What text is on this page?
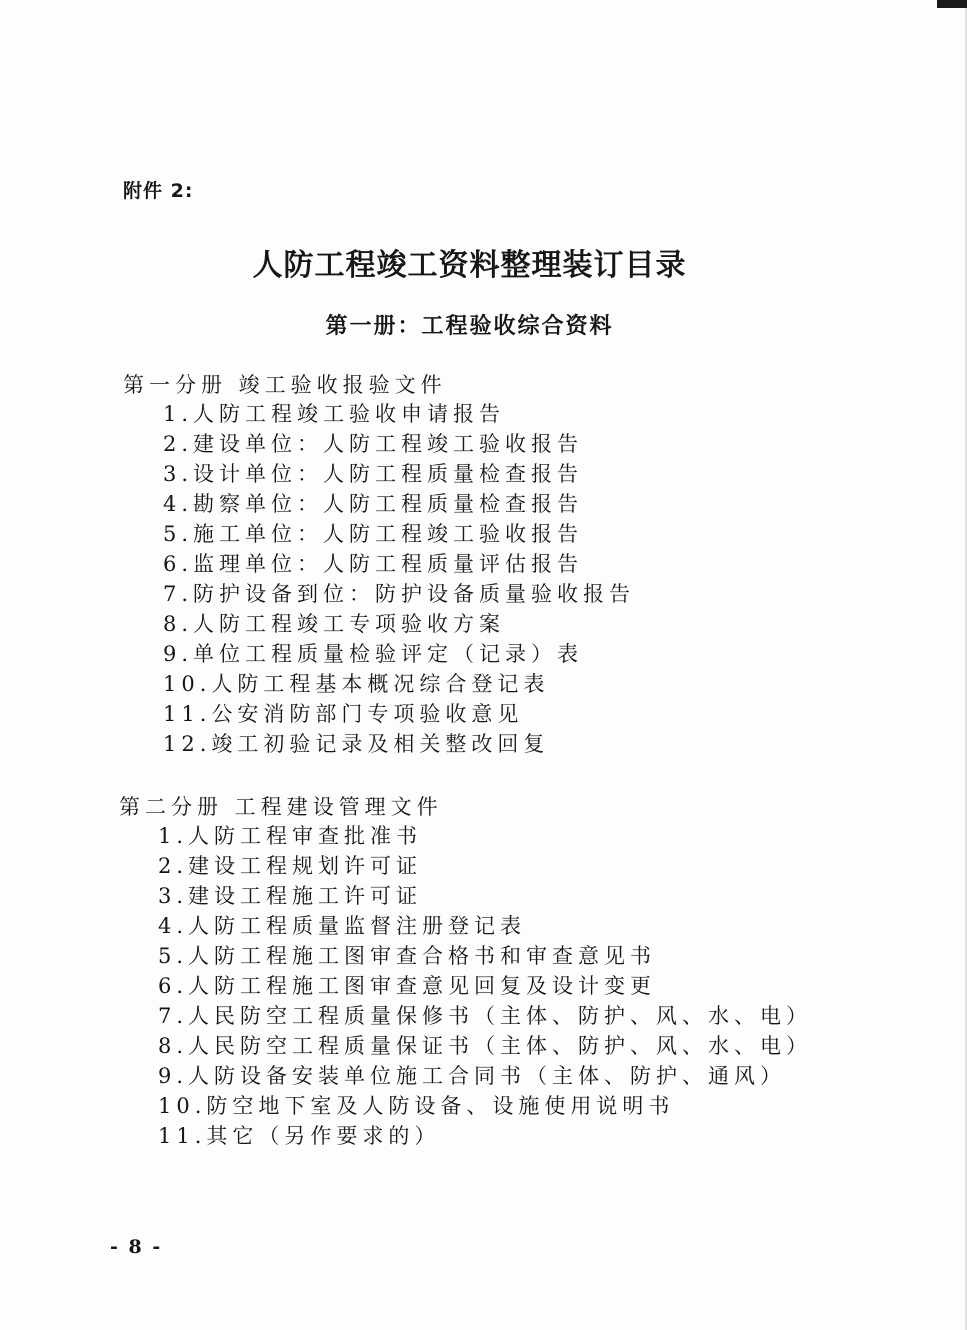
附件 2:
人防工程竣工资料整理装订目录
第一册：工程验收综合资料
第一分册 竣工验收报验文件
1.人防工程竣工验收申请报告
2.建设单位：人防工程竣工验收报告
3.设计单位：人防工程质量检查报告
4.勘察单位：人防工程质量检查报告
5.施工单位：人防工程竣工验收报告
6.监理单位：人防工程质量评估报告
7.防护设备到位：防护设备质量验收报告
8.人防工程竣工专项验收方案
9.单位工程质量检验评定（记录）表
10.人防工程基本概况综合登记表
11.公安消防部门专项验收意见
12.竣工初验记录及相关整改回复
第二分册 工程建设管理文件
1.人防工程审查批准书
2.建设工程规划许可证
3.建设工程施工许可证
4.人防工程质量监督注册登记表
5.人防工程施工图审查合格书和审查意见书
6.人防工程施工图审查意见回复及设计变更
7.人民防空工程质量保修书（主体、防护、风、水、电）
8.人民防空工程质量保证书（主体、防护、风、水、电）
9.人防设备安装单位施工合同书（主体、防护、通风）
10.防空地下室及人防设备、设施使用说明书
11.其它（另作要求的）
- 8 -
